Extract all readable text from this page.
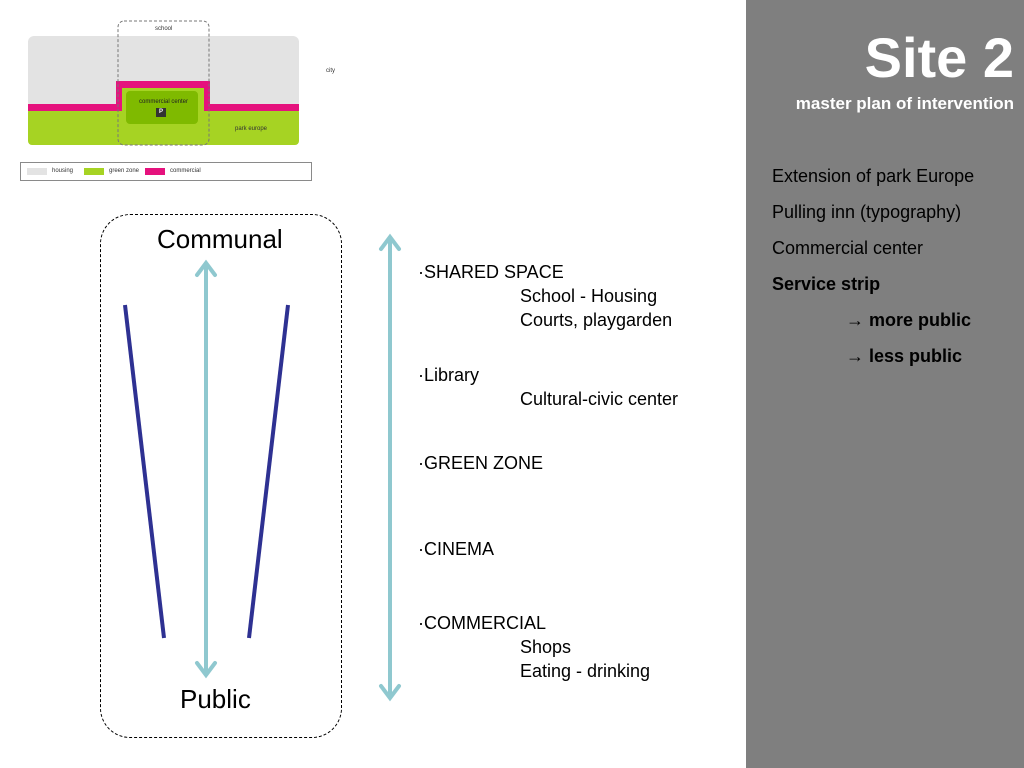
school
city
commercial center
P
park europe
housing	green zone	commercial
Communal
Public
·SHARED SPACE
School - Housing
Courts, playgarden
·Library
Cultural-civic center
·GREEN ZONE
·CINEMA
·COMMERCIAL
Shops
Eating - drinking
Site 2
master plan of intervention
Extension of park Europe
Pulling inn (typography)
Commercial center
Service strip
→ more public
→ less public
